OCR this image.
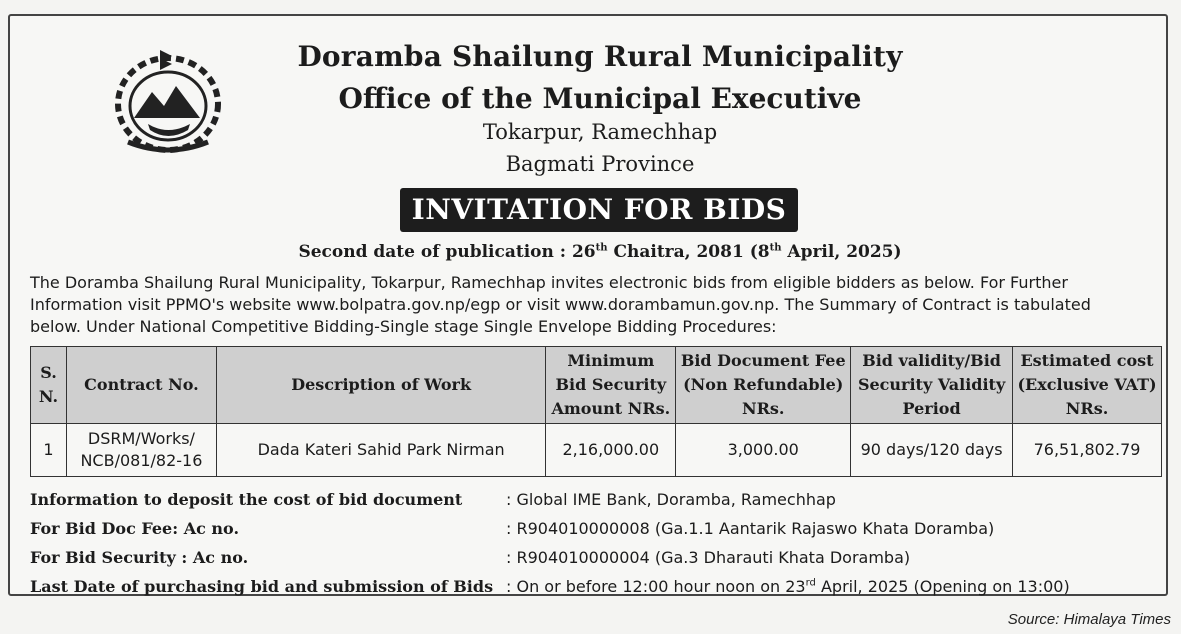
Doramba Shailung Rural Municipality
Office of the Municipal Executive
Tokarpur, Ramechhap
Bagmati Province
INVITATION FOR BIDS
Second date of publication : 26th Chaitra, 2081 (8th April, 2025)
The Doramba Shailung Rural Municipality, Tokarpur, Ramechhap invites electronic bids from eligible bidders as below. For Further
Information visit PPMO's website www.bolpatra.gov.np/egp or visit www.dorambamun.gov.np. The Summary of Contract is tabulated
below. Under National Competitive Bidding-Single stage Single Envelope Bidding Procedures:
S. N.	Contract No.	Description of Work	Minimum Bid Security Amount NRs.	Bid Document Fee (Non Refundable) NRs.	Bid validity/Bid Security Validity Period	Estimated cost (Exclusive VAT) NRs.
1	DSRM/Works/ NCB/081/82-16	Dada Kateri Sahid Park Nirman	2,16,000.00	3,000.00	90 days/120 days	76,51,802.79
Information to deposit the cost of bid document	: Global IME Bank, Doramba, Ramechhap
For Bid Doc Fee: Ac no.	: R904010000008 (Ga.1.1 Aantarik Rajaswo Khata Doramba)
For Bid Security : Ac no.	: R904010000004 (Ga.3 Dharauti Khata Doramba)
Last Date of purchasing bid and submission of Bids : On or before 12:00 hour noon on 23rd April, 2025 (Opening on 13:00)
Source: Himalaya Times
